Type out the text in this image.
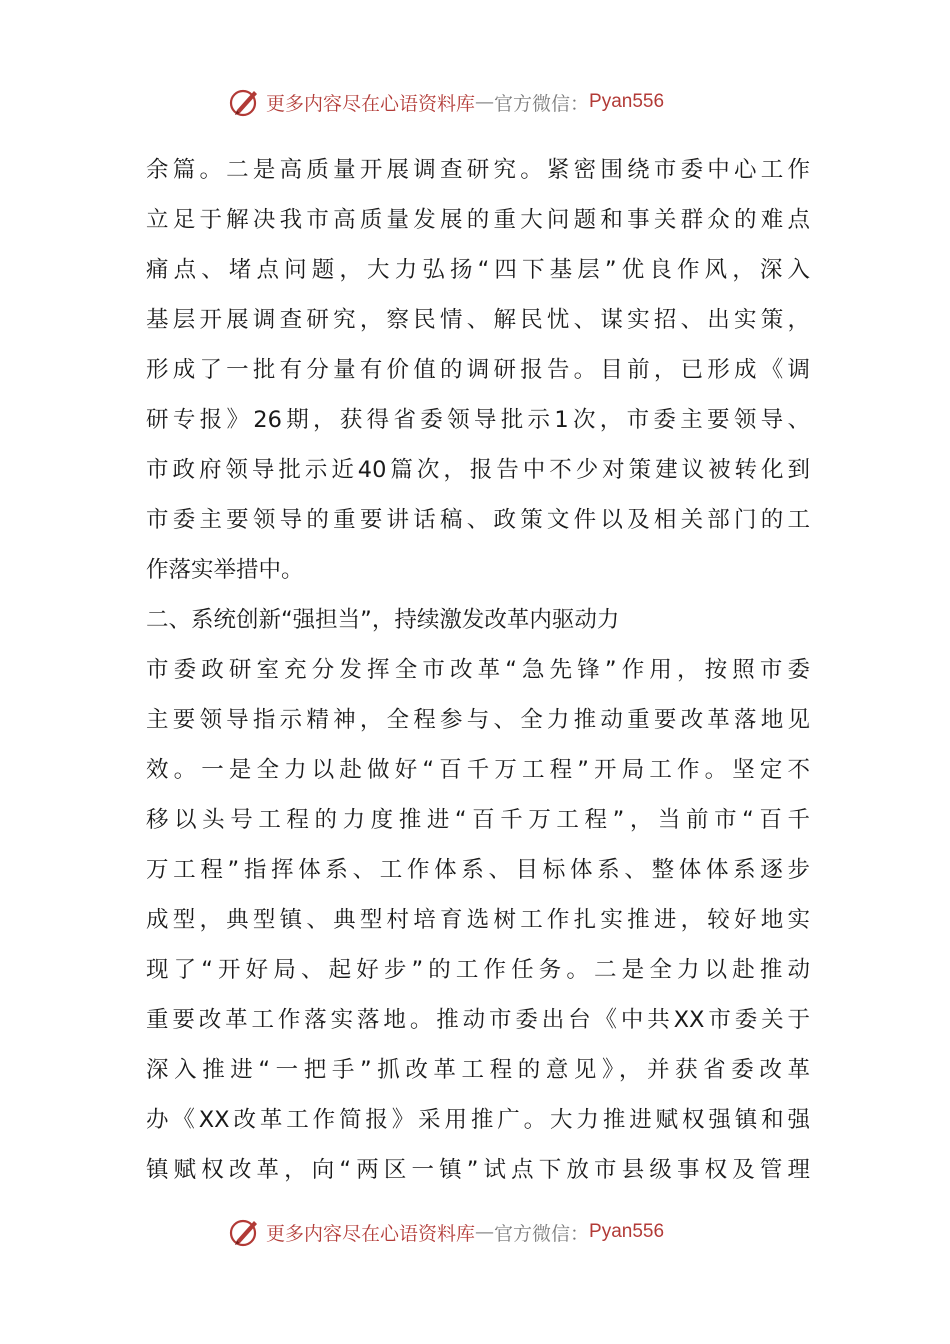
更多内容尽在心语资料库 — 官方微信： Pyan556
余篇。二是高质量开展调查研究。紧密围绕市委中心工作
立足于解决我市高质量发展的重大问题和事关群众的难点
痛点、堵点问题，大力弘扬“四下基层”优良作风，深入
基层开展调查研究，察民情、解民忧、谋实招、出实策，
形成了一批有分量有价值的调研报告。目前，已形成《调
研专报》26期，获得省委领导批示1次，市委主要领导、
市政府领导批示近40篇次，报告中不少对策建议被转化到
市委主要领导的重要讲话稿、政策文件以及相关部门的工
作落实举措中。
二、系统创新“强担当”，持续激发改革内驱动力
市委政研室充分发挥全市改革“急先锋”作用，按照市委
主要领导指示精神，全程参与、全力推动重要改革落地见
效。一是全力以赴做好“百千万工程”开局工作。坚定不
移以头号工程的力度推进“百千万工程”，当前市“百千
万工程”指挥体系、工作体系、目标体系、整体体系逐步
成型，典型镇、典型村培育选树工作扎实推进，较好地实
现了“开好局、起好步”的工作任务。二是全力以赴推动
重要改革工作落实落地。推动市委出台《中共XX市委关于
深入推进“一把手”抓改革工程的意见》，并获省委改革
办《XX改革工作简报》采用推广。大力推进赋权强镇和强
镇赋权改革，向“两区一镇”试点下放市县级事权及管理
更多内容尽在心语资料库 — 官方微信： Pyan556
